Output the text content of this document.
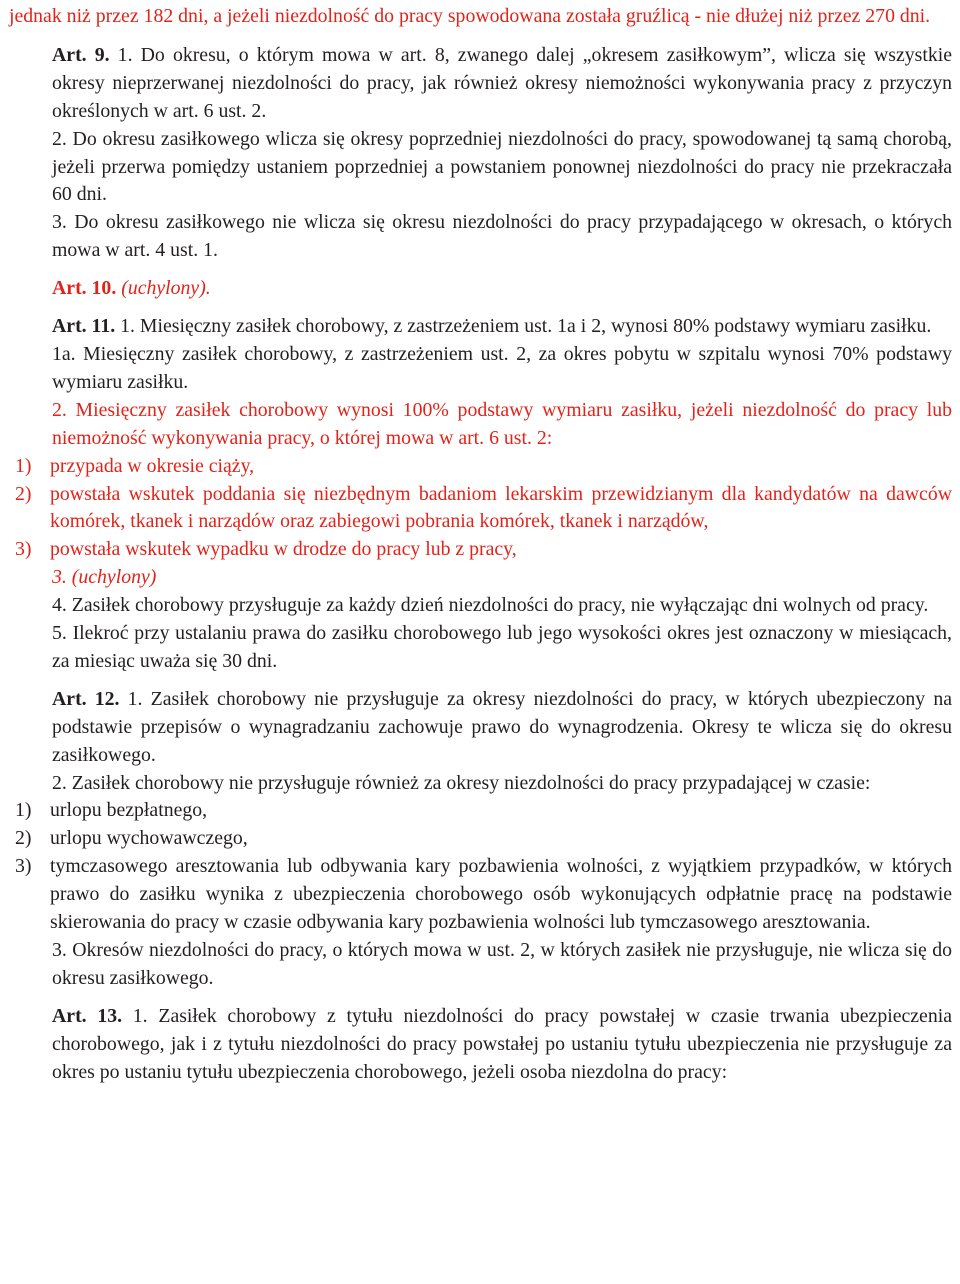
jednak niż przez 182 dni, a jeżeli niezdolność do pracy spowodowana została gruźlicą - nie dłużej niż przez 270 dni.

Art. 9. 1. Do okresu, o którym mowa w art. 8, zwanego dalej „okresem zasiłkowym”, wlicza się wszystkie okresy nieprzerwanej niezdolności do pracy, jak również okresy niemożności wykonywania pracy z przyczyn określonych w art. 6 ust. 2.

2. Do okresu zasiłkowego wlicza się okresy poprzedniej niezdolności do pracy, spowodowanej tą samą chorobą, jeżeli przerwa pomiędzy ustaniem poprzedniej a powstaniem ponownej niezdolności do pracy nie przekraczała 60 dni.

3. Do okresu zasiłkowego nie wlicza się okresu niezdolności do pracy przypadającego w okresach, o których mowa w art. 4 ust. 1.

Art. 10. (uchylony).

Art. 11. 1. Miesięczny zasiłek chorobowy, z zastrzeżeniem ust. 1a i 2, wynosi 80% podstawy wymiaru zasiłku.

1a. Miesięczny zasiłek chorobowy, z zastrzeżeniem ust. 2, za okres pobytu w szpitalu wynosi 70% podstawy wymiaru zasiłku.

2. Miesięczny zasiłek chorobowy wynosi 100% podstawy wymiaru zasiłku, jeżeli niezdolność do pracy lub niemożność wykonywania pracy, o której mowa w art. 6 ust. 2:

1) przypada w okresie ciąży,

2) powstała wskutek poddania się niezbędnym badaniom lekarskim przewidzianym dla kandydatów na dawców komórek, tkanek i narządów oraz zabiegowi pobrania komórek, tkanek i narządów,

3) powstała wskutek wypadku w drodze do pracy lub z pracy,

3. (uchylony)

4. Zasiłek chorobowy przysługuje za każdy dzień niezdolności do pracy, nie wyłączając dni wolnych od pracy.

5. Ilekroć przy ustalaniu prawa do zasiłku chorobowego lub jego wysokości okres jest oznaczony w miesiącach, za miesiąc uważa się 30 dni.

Art. 12. 1. Zasiłek chorobowy nie przysługuje za okresy niezdolności do pracy, w których ubezpieczony na podstawie przepisów o wynagradzaniu zachowuje prawo do wynagrodzenia. Okresy te wlicza się do okresu zasiłkowego.

2. Zasiłek chorobowy nie przysługuje również za okresy niezdolności do pracy przypadającej w czasie:

1) urlopu bezpłatnego,

2) urlopu wychowawczego,

3) tymczasowego aresztowania lub odbywania kary pozbawienia wolności, z wyjątkiem przypadków, w których prawo do zasiłku wynika z ubezpieczenia chorobowego osób wykonujących odpłatnie pracę na podstawie skierowania do pracy w czasie odbywania kary pozbawienia wolności lub tymczasowego aresztowania.

3. Okresów niezdolności do pracy, o których mowa w ust. 2, w których zasiłek nie przysługuje, nie wlicza się do okresu zasiłkowego.

Art. 13. 1. Zasiłek chorobowy z tytułu niezdolności do pracy powstałej w czasie trwania ubezpieczenia chorobowego, jak i z tytułu niezdolności do pracy powstałej po ustaniu tytułu ubezpieczenia nie przysługuje za okres po ustaniu tytułu ubezpieczenia chorobowego, jeżeli osoba niezdolna do pracy:
